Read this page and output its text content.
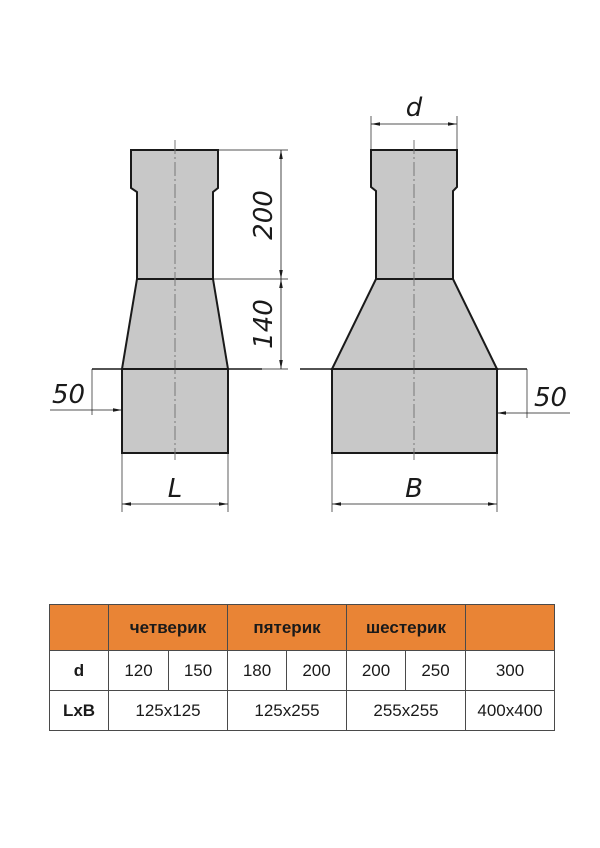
200
140
50
L
d
50
B
	четверик		пятерик		шестерик		
d	120	150	180	200	200	250	300
LxB	125x125		125x255		255x255		400x400
